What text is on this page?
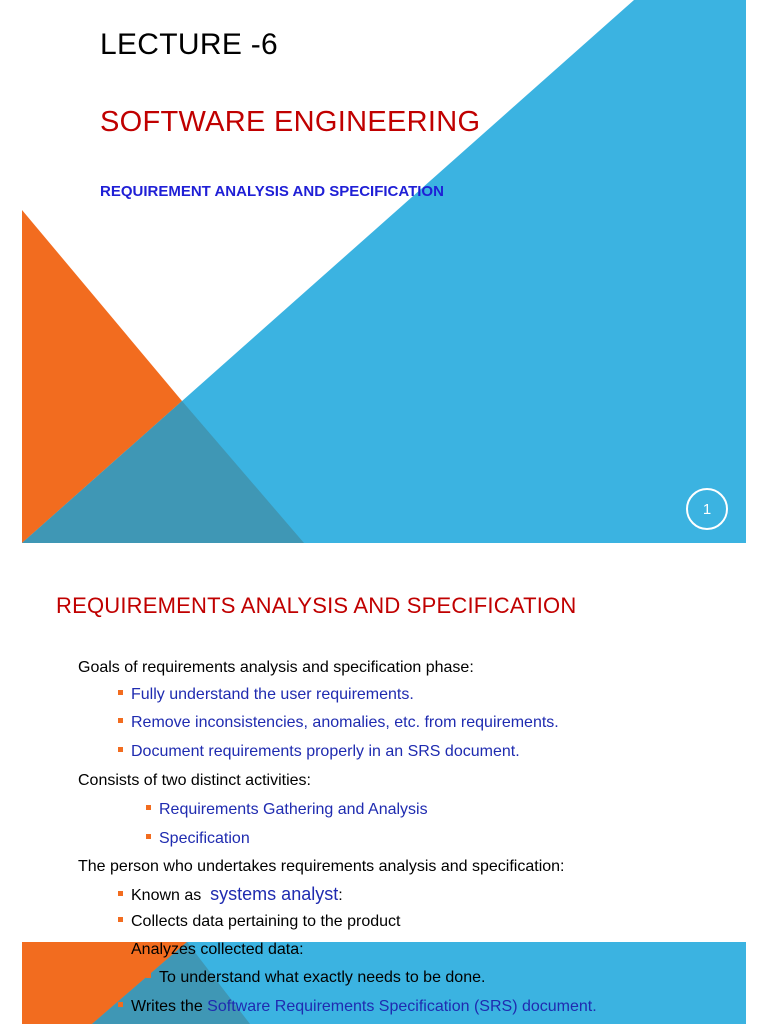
LECTURE -6
SOFTWARE ENGINEERING
REQUIREMENT ANALYSIS AND SPECIFICATION
1
REQUIREMENTS ANALYSIS AND SPECIFICATION
Goals of requirements analysis and specification phase:
Fully understand the user requirements.
Remove inconsistencies, anomalies, etc. from requirements.
Document requirements properly in an SRS document.
Consists of two distinct activities:
Requirements Gathering and Analysis
Specification
The person who undertakes requirements analysis and specification:
Known as  systems analyst:
Collects data pertaining to the product
Analyzes collected data:
To understand what exactly needs to be done.
Writes the Software Requirements Specification (SRS) document.
